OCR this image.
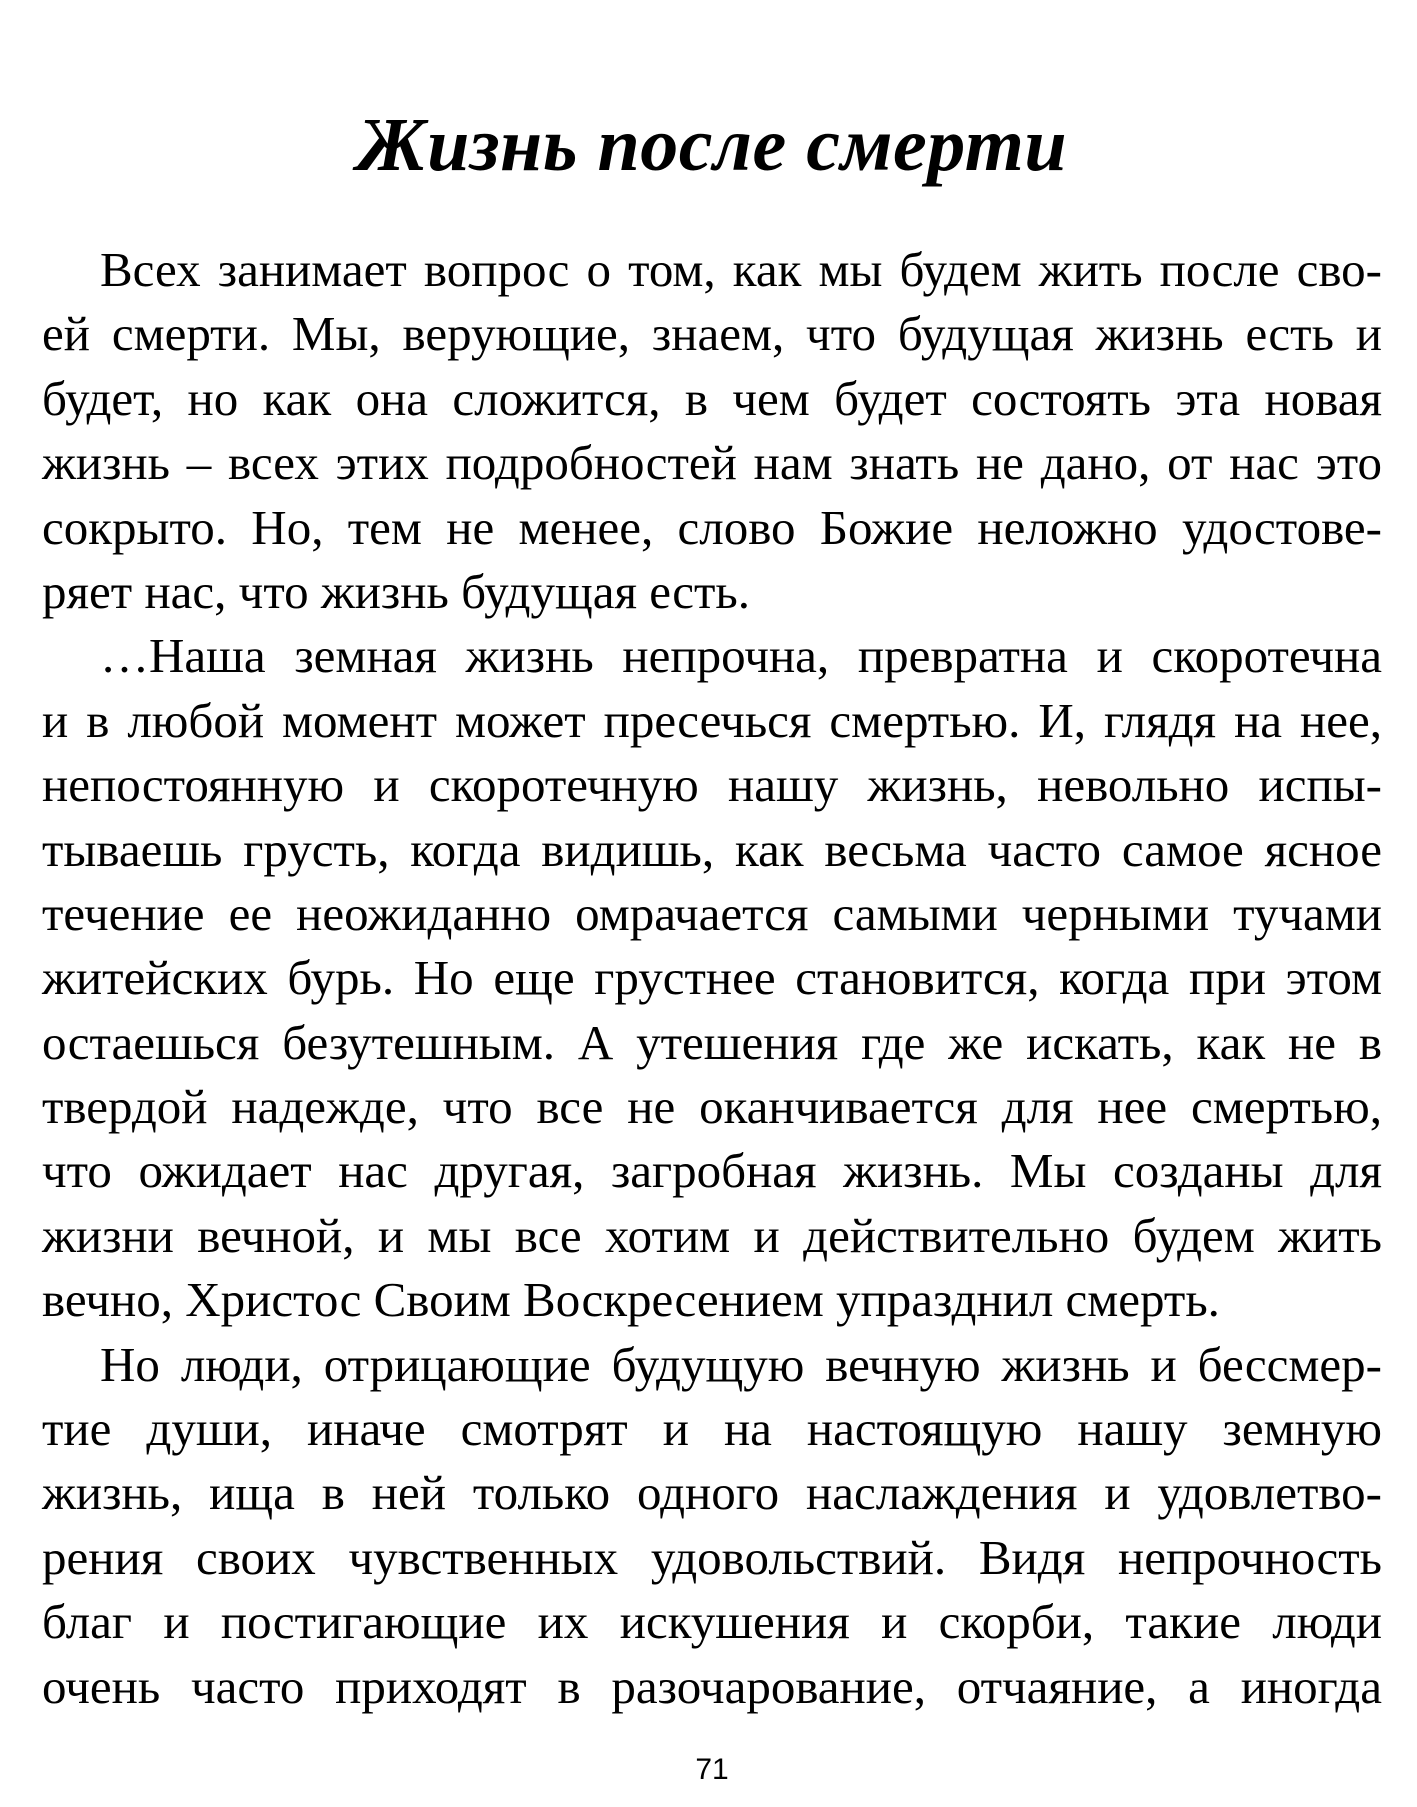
Жизнь после смерти
Всех занимает вопрос о том, как мы будем жить после сво-
ей смерти. Мы, верующие, знаем, что будущая жизнь есть и
будет, но как она сложится, в чем будет состоять эта новая
жизнь – всех этих подробностей нам знать не дано, от нас это
сокрыто. Но, тем не менее, слово Божие неложно удостове-
ряет нас, что жизнь будущая есть.
…Наша земная жизнь непрочна, превратна и скоротечна
и в любой момент может пресечься смертью. И, глядя на нее,
непостоянную и скоротечную нашу жизнь, невольно испы-
тываешь грусть, когда видишь, как весьма часто самое ясное
течение ее неожиданно омрачается самыми черными тучами
житейских бурь. Но еще грустнее становится, когда при этом
остаешься безутешным. А утешения где же искать, как не в
твердой надежде, что все не оканчивается для нее смертью,
что ожидает нас другая, загробная жизнь. Мы созданы для
жизни вечной, и мы все хотим и действительно будем жить
вечно, Христос Своим Воскресением упразднил смерть.
Но люди, отрицающие будущую вечную жизнь и бессмер-
тие души, иначе смотрят и на настоящую нашу земную
жизнь, ища в ней только одного наслаждения и удовлетво-
рения своих чувственных удовольствий. Видя непрочность
благ и постигающие их искушения и скорби, такие люди
очень часто приходят в разочарование, отчаяние, а иногда
71
